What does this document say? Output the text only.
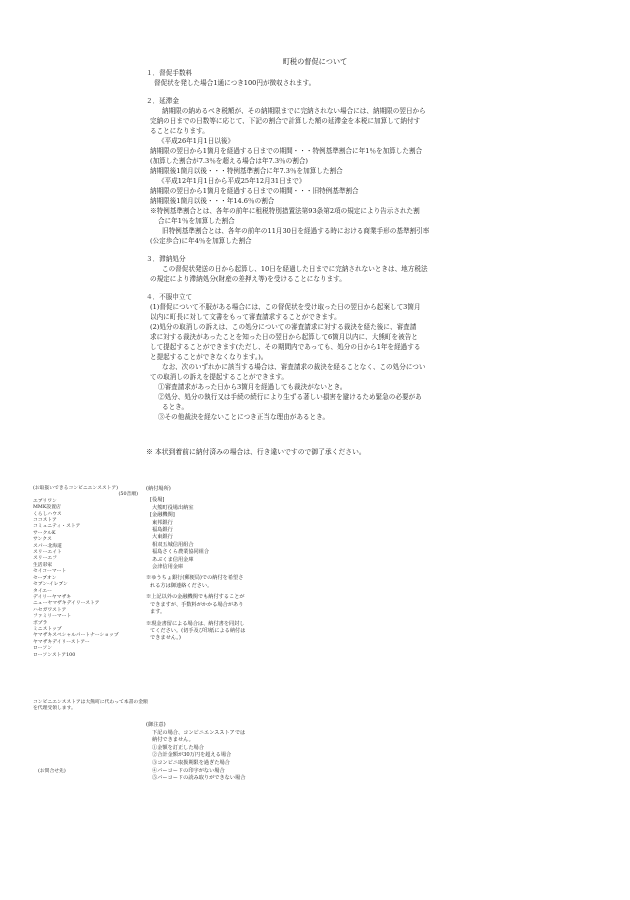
町税の督促について
１．督促手数料
督促状を発した場合1通につき100円が徴収されます。
２．延滞金
納期限の納めるべき税額が、その納期限までに完納されない場合には、納期限の翌日から
完納の日までの日数等に応じて、下記の割合で計算した額の延滞金を本税に加算して納付す
ることになります。
《平成26年1月1日以後》
納期限の翌日から1箇月を経過する日までの期間・・・特例基準割合に年1％を加算した割合
(加算した割合が7.3％を超える場合は年7.3％の割合)
納期限後1箇月以後・・・特例基準割合に年7.3％を加算した割合
《平成12年1月1日から平成25年12月31日まで》
納期限の翌日から1箇月を経過する日までの期間・・・旧特例基準割合
納期限後1箇月以後・・・年14.6％の割合
※特例基準割合とは、各年の前年に租税特別措置法第93条第2項の規定により告示された割
合に年1％を加算した割合
旧特例基準割合とは、各年の前年の11月30日を経過する時における商業手形の基準割引率
(公定歩合)に年4％を加算した割合
３．滞納処分
この督促状発送の日から起算し、10日を経過した日までに完納されないときは、地方税法
の規定により滞納処分(財産の差押え等)を受けることになります。
４．不服申立て
(1)督促について不服がある場合には、この督促状を受け取った日の翌日から起案して3箇月
以内に町長に対して文書をもって審査請求することができます。
(2)処分の取消しの訴えは、この処分についての審査請求に対する裁決を経た後に、審査請
求に対する裁決があったことを知った日の翌日から起算して6箇月以内に、大熊町を被告と
して提起することができます(ただし、その期間内であっても、処分の日から1年を経過する
と提起することができなくなります。)。
なお、次のいずれかに該当する場合は、審査請求の裁決を経ることなく、この処分につい
ての取消しの訴えを提起することができます。
①審査請求があった日から3箇月を経過しても裁決がないとき。
②処分、処分の執行又は手続の続行により生ずる著しい損害を避けるため緊急の必要があ
るとき。
③その他裁決を経ないことにつき正当な理由があるとき。
※ 本状到着前に納付済みの場合は、行き違いですので御了承ください。
(お取扱いできるコンビニエンスストア)
(50音順)
エブリワン
MMK設置店
くらしハウス
ココストア
コミュニティ・ストア
サークルK
サンクス
スパー北海道
スリーエイト
スリーエフ
生活彩家
セイコーマート
セーブオン
セブン-イレブン
タイエー
デイリーヤマザキ
ニューヤマザキデイリーストア
ハセガワストア
ファミリーマート
ポプラ
ミニストップ
ヤマザキスペシャルパートナーショップ
ヤマザキデイリーストアー
ローソン
ローソンストア100
コンビニエンスストアは大熊町に代わって本書の金額を代理受領します。
(お問合せ先)
(納付場所)
[役場]
大熊町役場出納室
[金融機関]
東邦銀行
福島銀行
大東銀行
相双五城信用組合
福島さくら農業協同組合
あぶくま信用金庫
会津信用金庫
※ゆうちょ銀行(郵便局)での納付を希望さ
れる方は御連絡ください。
※上記以外の金融機関でも納付することが
できますが、手数料がかかる場合があり
ます。
※現金書留による場合は、納付書を同封し
てください。(切手及び印紙による納付は
できません。)
(御注意)
下記の場合、コンビニエンスストアでは
納付できません。
①金額を訂正した場合
②合計金額が30万円を超える場合
③コンビニ取扱期限を過ぎた場合
④バーコードの印字がない場合
⑤バーコードの読み取りができない場合
